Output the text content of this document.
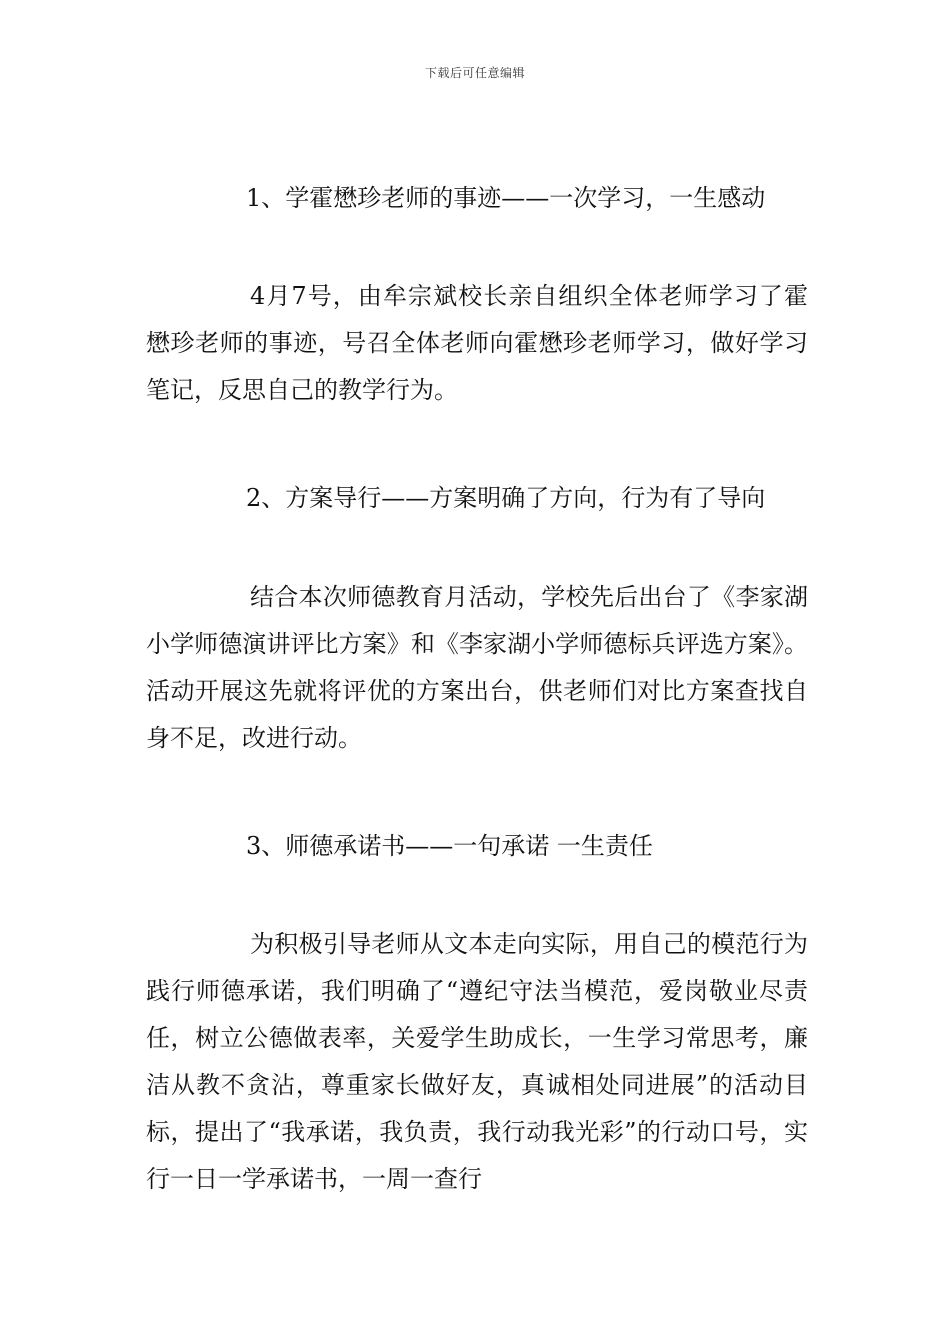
下载后可任意编辑
1、学霍懋珍老师的事迹——一次学习，一生感动
4月7号，由牟宗斌校长亲自组织全体老师学习了霍懋珍老师的事迹，号召全体老师向霍懋珍老师学习，做好学习笔记，反思自己的教学行为。
2、方案导行——方案明确了方向，行为有了导向
结合本次师德教育月活动，学校先后出台了《李家湖小学师德演讲评比方案》和《李家湖小学师德标兵评选方案》。活动开展这先就将评优的方案出台，供老师们对比方案查找自身不足，改进行动。
3、师德承诺书——一句承诺 一生责任
为积极引导老师从文本走向实际，用自己的模范行为践行师德承诺，我们明确了“遵纪守法当模范，爱岗敬业尽责任，树立公德做表率，关爱学生助成长，一生学习常思考，廉洁从教不贪沾，尊重家长做好友，真诚相处同进展”的活动目标，提出了“我承诺，我负责，我行动我光彩”的行动口号，实行一日一学承诺书，一周一查行
